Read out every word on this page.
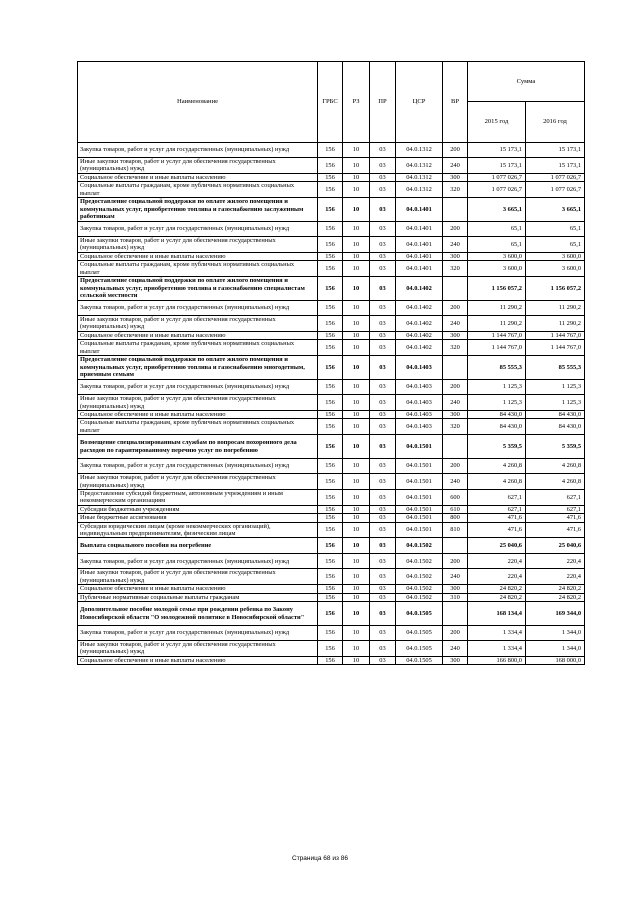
Наименование	ГРБС	РЗ	ПР	ЦСР	ВР	Сумма	
						2015 год	2016 год
Закупка товаров, работ и услуг для государственных (муниципальных) нужд	156	10	03	04.0.1312	200	15 173,1	15 173,1
Иные закупки товаров, работ и услуг для обеспечения государственных (муниципальных) нужд	156	10	03	04.0.1312	240	15 173,1	15 173,1
Социальное обеспечение и иные выплаты населению	156	10	03	04.0.1312	300	1 077 026,7	1 077 026,7
Социальные выплаты гражданам, кроме публичных нормативных социальных выплат	156	10	03	04.0.1312	320	1 077 026,7	1 077 026,7
Предоставление социальной поддержки по оплате жилого помещения и коммунальных услуг, приобретению топлива и газоснабжению заслуженным работникам	156	10	03	04.0.1401		3 665,1	3 665,1
Закупка товаров, работ и услуг для государственных (муниципальных) нужд	156	10	03	04.0.1401	200	65,1	65,1
Иные закупки товаров, работ и услуг для обеспечения государственных (муниципальных) нужд	156	10	03	04.0.1401	240	65,1	65,1
Социальное обеспечение и иные выплаты населению	156	10	03	04.0.1401	300	3 600,0	3 600,0
Социальные выплаты гражданам, кроме публичных нормативных социальных выплат	156	10	03	04.0.1401	320	3 600,0	3 600,0
Предоставление социальной поддержки по оплате жилого помещения и коммунальных услуг, приобретению топлива и газоснабжению специалистам сельской местности	156	10	03	04.0.1402		1 156 057,2	1 156 057,2
Закупка товаров, работ и услуг для государственных (муниципальных) нужд	156	10	03	04.0.1402	200	11 290,2	11 290,2
Иные закупки товаров, работ и услуг для обеспечения государственных (муниципальных) нужд	156	10	03	04.0.1402	240	11 290,2	11 290,2
Социальное обеспечение и иные выплаты населению	156	10	03	04.0.1402	300	1 144 767,0	1 144 767,0
Социальные выплаты гражданам, кроме публичных нормативных социальных выплат	156	10	03	04.0.1402	320	1 144 767,0	1 144 767,0
Предоставление социальной поддержки по оплате жилого помещения и коммунальных услуг, приобретению топлива и газоснабжению многодетным, приемным семьям	156	10	03	04.0.1403		85 555,3	85 555,3
Закупка товаров, работ и услуг для государственных (муниципальных) нужд	156	10	03	04.0.1403	200	1 125,3	1 125,3
Иные закупки товаров, работ и услуг для обеспечения государственных (муниципальных) нужд	156	10	03	04.0.1403	240	1 125,3	1 125,3
Социальное обеспечение и иные выплаты населению	156	10	03	04.0.1403	300	84 430,0	84 430,0
Социальные выплаты гражданам, кроме публичных нормативных социальных выплат	156	10	03	04.0.1403	320	84 430,0	84 430,0
Возмещение специализированным службам по вопросам похоронного дела расходов по гарантированному перечню услуг по погребению	156	10	03	04.0.1501		5 359,5	5 359,5
Закупка товаров, работ и услуг для государственных (муниципальных) нужд	156	10	03	04.0.1501	200	4 260,8	4 260,8
Иные закупки товаров, работ и услуг для обеспечения государственных (муниципальных) нужд	156	10	03	04.0.1501	240	4 260,8	4 260,8
Предоставление субсидий бюджетным, автономным учреждениям и иным некоммерческим организациям	156	10	03	04.0.1501	600	627,1	627,1
Субсидии бюджетным учреждениям	156	10	03	04.0.1501	610	627,1	627,1
Иные бюджетные ассигнования	156	10	03	04.0.1501	800	471,6	471,6
Субсидии юридическим лицам (кроме некоммерческих организаций), индивидуальным предпринимателям, физическим лицам	156	10	03	04.0.1501	810	471,6	471,6
Выплата социального пособия на погребение	156	10	03	04.0.1502		25 040,6	25 040,6
Закупка товаров, работ и услуг для государственных (муниципальных) нужд	156	10	03	04.0.1502	200	220,4	220,4
Иные закупки товаров, работ и услуг для обеспечения государственных (муниципальных) нужд	156	10	03	04.0.1502	240	220,4	220,4
Социальное обеспечение и иные выплаты населению	156	10	03	04.0.1502	300	24 820,2	24 820,2
Публичные нормативные социальные выплаты гражданам	156	10	03	04.0.1502	310	24 820,2	24 820,2
Дополнительное пособие молодой семье при рождении ребенка по Закону Новосибирской области "О молодежной политике в Новосибирской области"	156	10	03	04.0.1505		168 134,4	169 344,0
Закупка товаров, работ и услуг для государственных (муниципальных) нужд	156	10	03	04.0.1505	200	1 334,4	1 344,0
Иные закупки товаров, работ и услуг для обеспечения государственных (муниципальных) нужд	156	10	03	04.0.1505	240	1 334,4	1 344,0
Социальное обеспечение и иные выплаты населению	156	10	03	04.0.1505	300	166 800,0	168 000,0
Страница 68 из 86
